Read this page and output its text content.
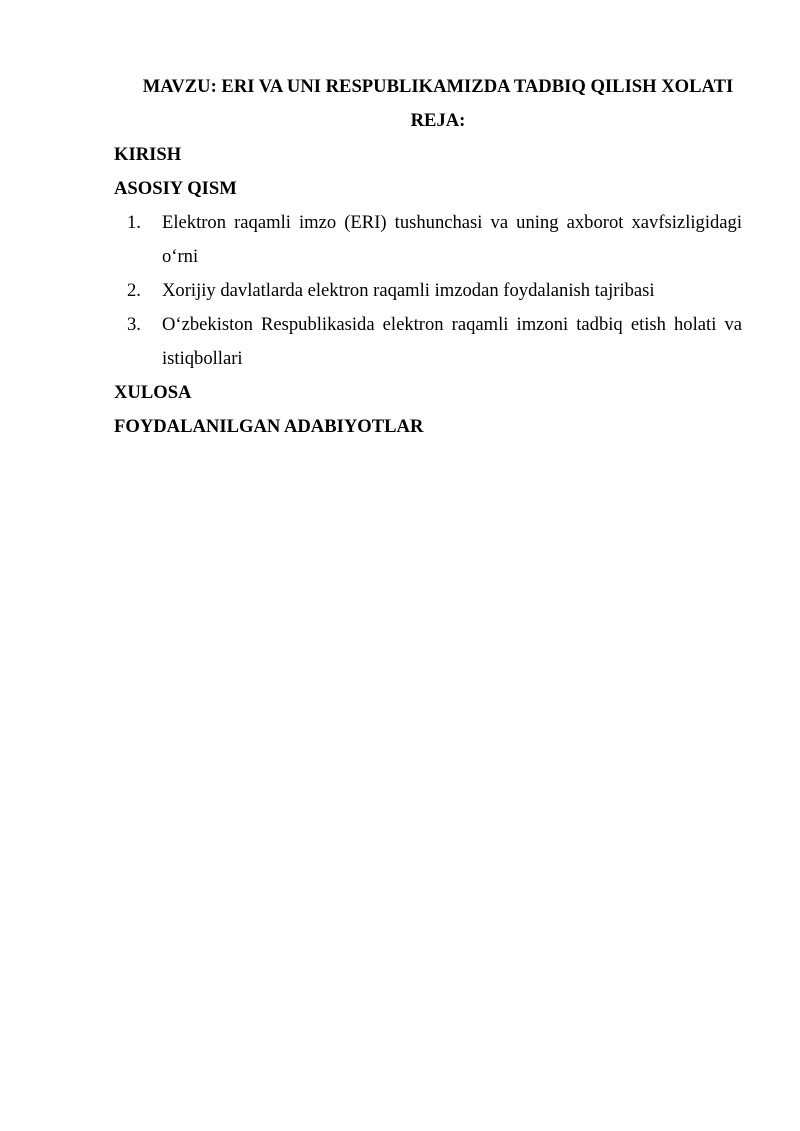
MAVZU: ERI VA UNI RESPUBLIKAMIZDA TADBIQ QILISH XOLATI

REJA:

KIRISH

ASOSIY QISM

1. Elektron raqamli imzo (ERI) tushunchasi va uning axborot xavfsizligidagi o‘rni
2. Xorijiy davlatlarda elektron raqamli imzodan foydalanish tajribasi
3. O‘zbekiston Respublikasida elektron raqamli imzoni tadbiq etish holati va istiqbollari

XULOSA

FOYDALANILGAN ADABIYOTLAR
